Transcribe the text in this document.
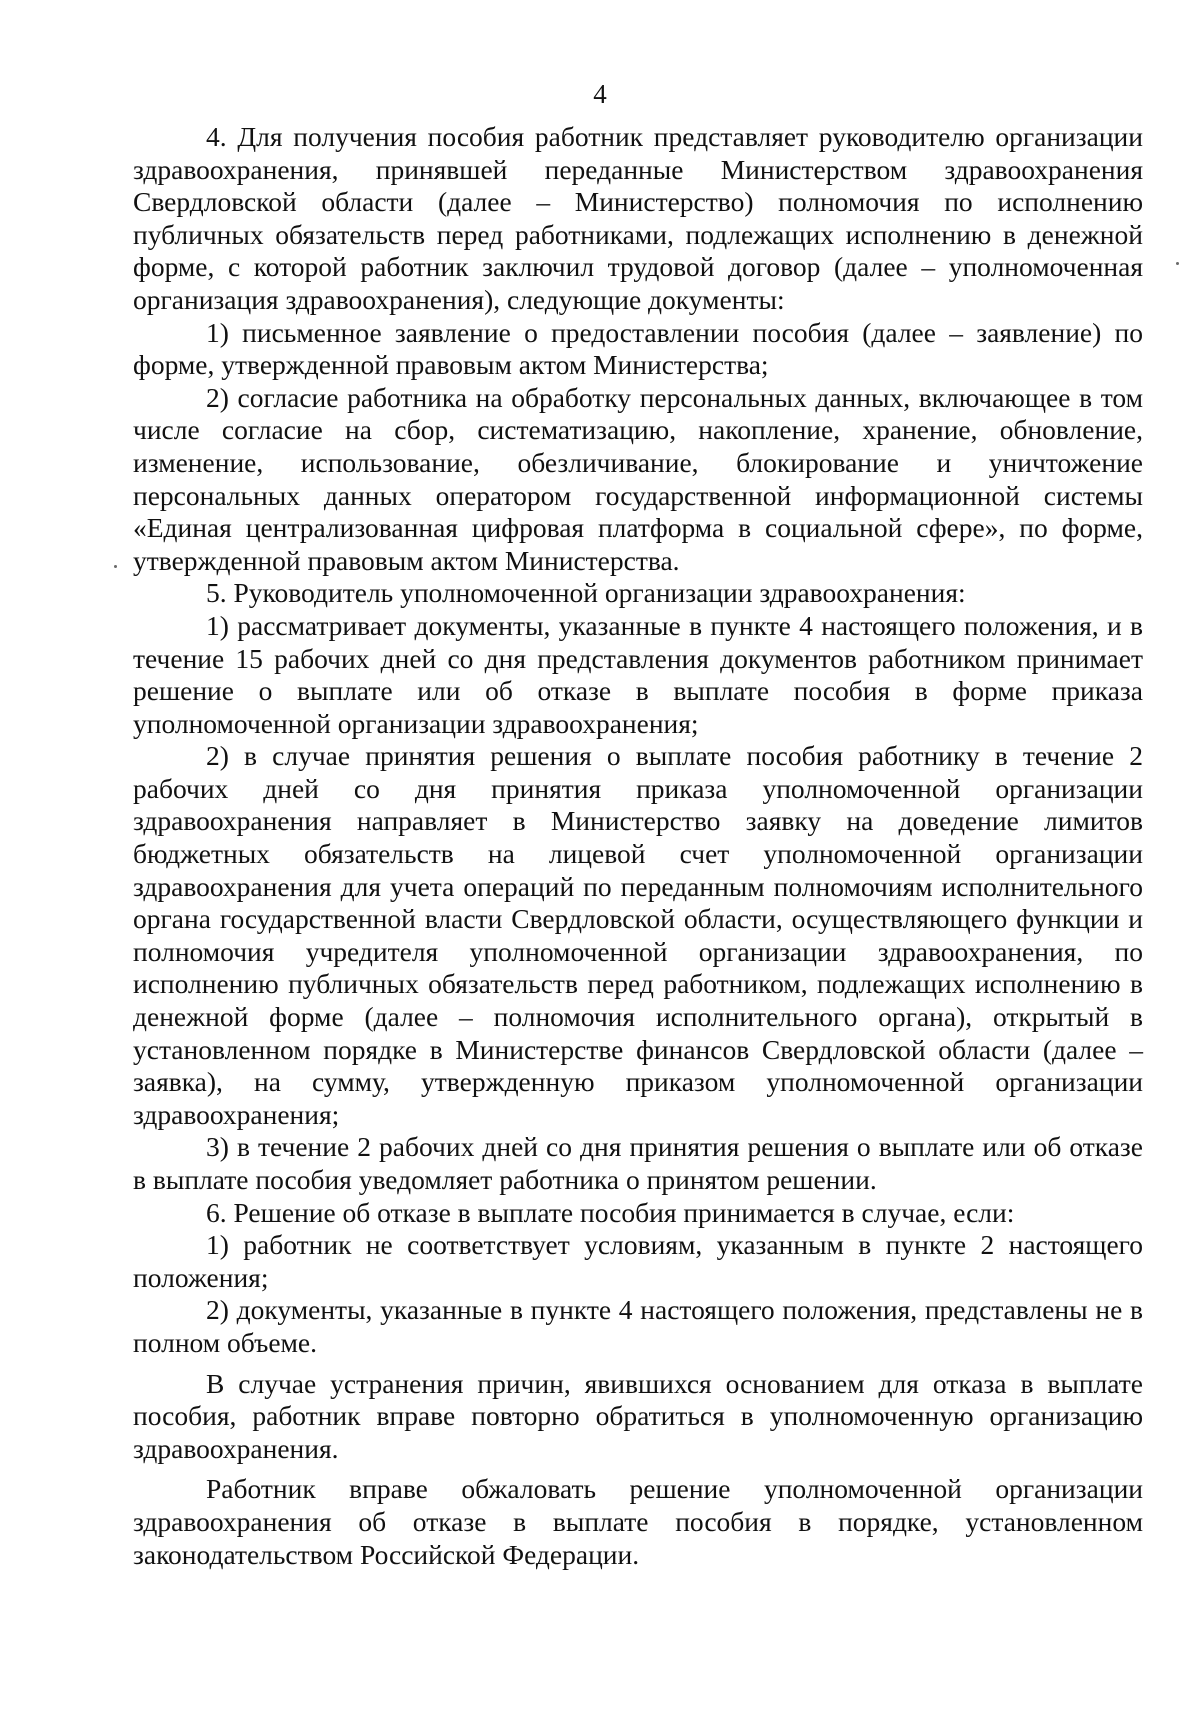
4

4. Для получения пособия работник представляет руководителю организации здравоохранения, принявшей переданные Министерством здравоохранения Свердловской области (далее – Министерство) полномочия по исполнению публичных обязательств перед работниками, подлежащих исполнению в денежной форме, с которой работник заключил трудовой договор (далее – уполномоченная организация здравоохранения), следующие документы:

1) письменное заявление о предоставлении пособия (далее – заявление) по форме, утвержденной правовым актом Министерства;

2) согласие работника на обработку персональных данных, включающее в том числе согласие на сбор, систематизацию, накопление, хранение, обновление, изменение, использование, обезличивание, блокирование и уничтожение персональных данных оператором государственной информационной системы «Единая централизованная цифровая платформа в социальной сфере», по форме, утвержденной правовым актом Министерства.

5. Руководитель уполномоченной организации здравоохранения:

1) рассматривает документы, указанные в пункте 4 настоящего положения, и в течение 15 рабочих дней со дня представления документов работником принимает решение о выплате или об отказе в выплате пособия в форме приказа уполномоченной организации здравоохранения;

2) в случае принятия решения о выплате пособия работнику в течение 2 рабочих дней со дня принятия приказа уполномоченной организации здравоохранения направляет в Министерство заявку на доведение лимитов бюджетных обязательств на лицевой счет уполномоченной организации здравоохранения для учета операций по переданным полномочиям исполнительного органа государственной власти Свердловской области, осуществляющего функции и полномочия учредителя уполномоченной организации здравоохранения, по исполнению публичных обязательств перед работником, подлежащих исполнению в денежной форме (далее – полномочия исполнительного органа), открытый в установленном порядке в Министерстве финансов Свердловской области (далее – заявка), на сумму, утвержденную приказом уполномоченной организации здравоохранения;

3) в течение 2 рабочих дней со дня принятия решения о выплате или об отказе в выплате пособия уведомляет работника о принятом решении.

6. Решение об отказе в выплате пособия принимается в случае, если:

1) работник не соответствует условиям, указанным в пункте 2 настоящего положения;

2) документы, указанные в пункте 4 настоящего положения, представлены не в полном объеме.

В случае устранения причин, явившихся основанием для отказа в выплате пособия, работник вправе повторно обратиться в уполномоченную организацию здравоохранения.

Работник вправе обжаловать решение уполномоченной организации здравоохранения об отказе в выплате пособия в порядке, установленном законодательством Российской Федерации.
